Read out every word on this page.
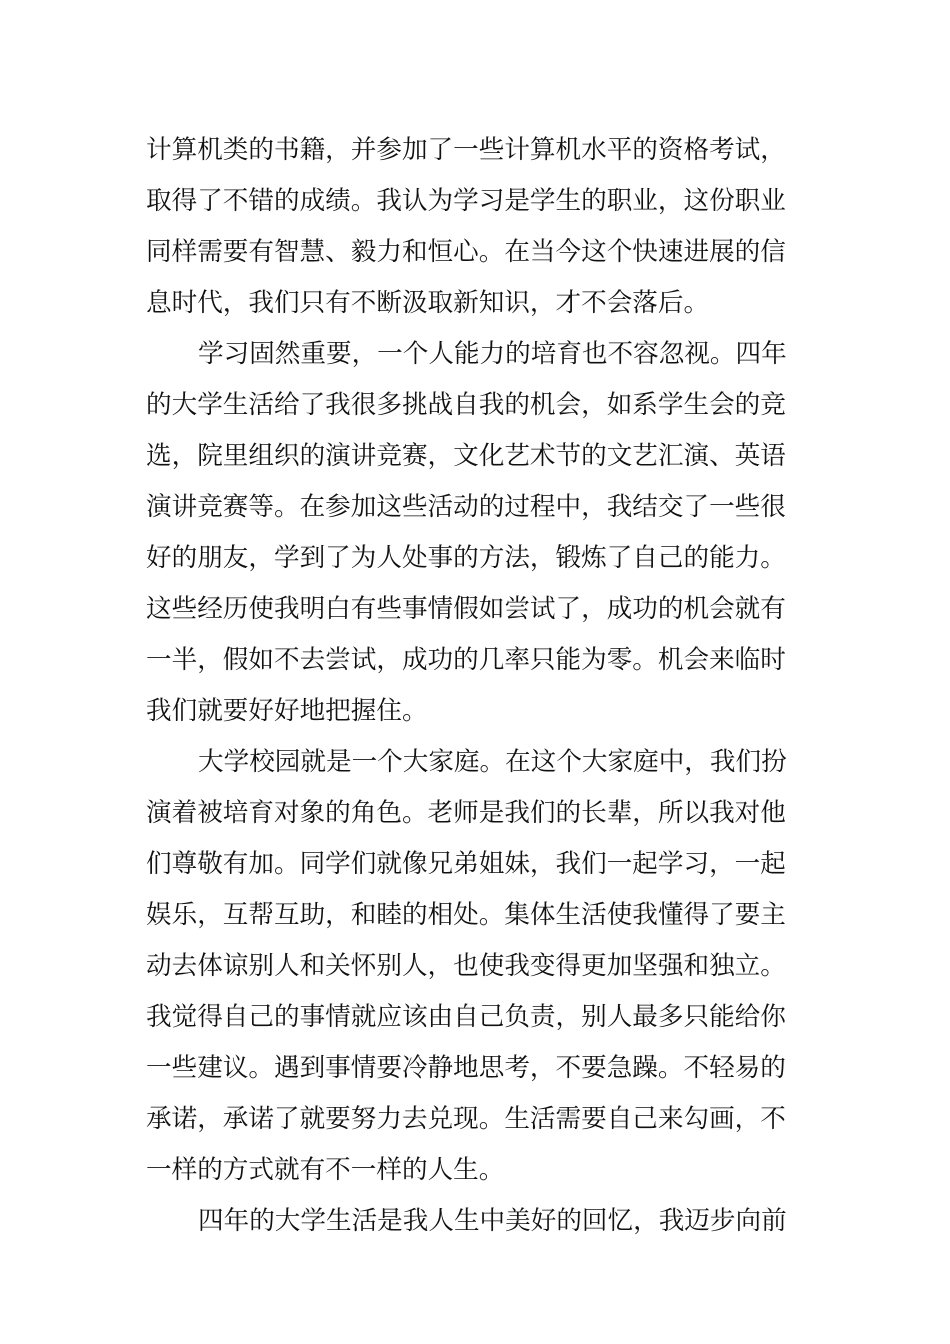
计算机类的书籍，并参加了一些计算机水平的资格考试，
取得了不错的成绩。我认为学习是学生的职业，这份职业
同样需要有智慧、毅力和恒心。在当今这个快速进展的信
息时代，我们只有不断汲取新知识，才不会落后。
学习固然重要，一个人能力的培育也不容忽视。四年
的大学生活给了我很多挑战自我的机会，如系学生会的竞
选，院里组织的演讲竞赛，文化艺术节的文艺汇演、英语
演讲竞赛等。在参加这些活动的过程中，我结交了一些很
好的朋友，学到了为人处事的方法，锻炼了自己的能力。
这些经历使我明白有些事情假如尝试了，成功的机会就有
一半，假如不去尝试，成功的几率只能为零。机会来临时
我们就要好好地把握住。
大学校园就是一个大家庭。在这个大家庭中，我们扮
演着被培育对象的角色。老师是我们的长辈，所以我对他
们尊敬有加。同学们就像兄弟姐妹，我们一起学习，一起
娱乐，互帮互助，和睦的相处。集体生活使我懂得了要主
动去体谅别人和关怀别人，也使我变得更加坚强和独立。
我觉得自己的事情就应该由自己负责，别人最多只能给你
一些建议。遇到事情要冷静地思考，不要急躁。不轻易的
承诺，承诺了就要努力去兑现。生活需要自己来勾画，不
一样的方式就有不一样的人生。
四年的大学生活是我人生中美好的回忆，我迈步向前
